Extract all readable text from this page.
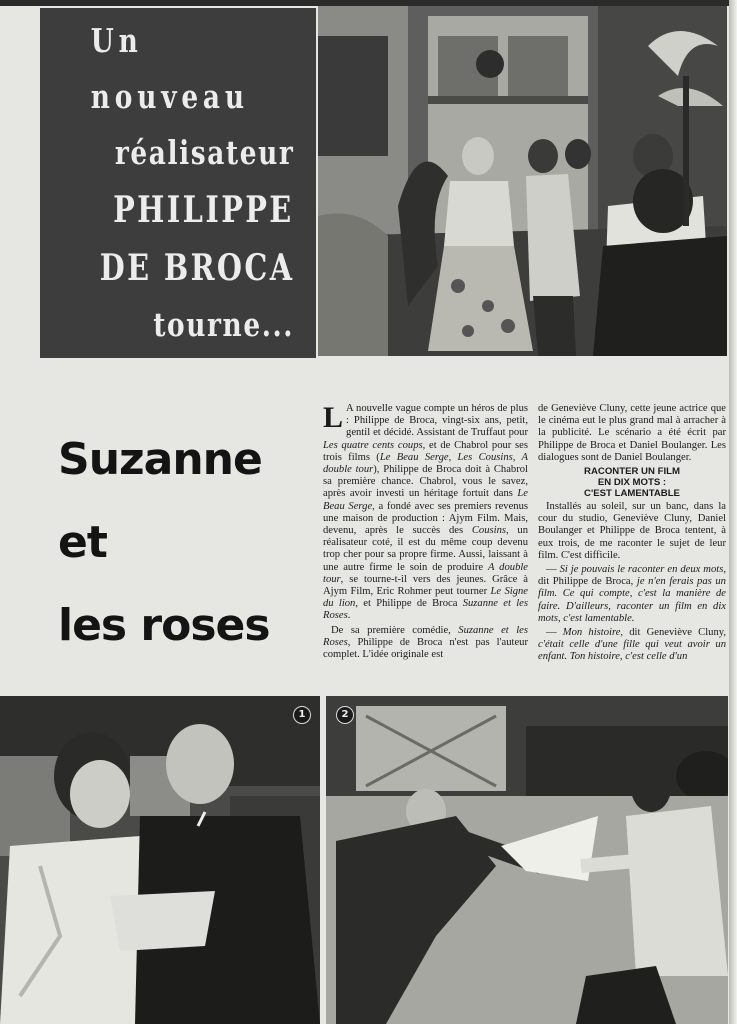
Un nouveau
réalisateur
PHILIPPE
DE BROCA
tourne...
Suzanne
et
les roses

L A nouvelle vague compte un héros de plus : Philippe de Broca, vingt-six ans, petit, gentil et décidé. Assistant de Truffaut pour Les quatre cents coups, et de Chabrol pour ses trois films (Le Beau Serge, Les Cousins, A double tour), Philippe de Broca doit à Chabrol sa première chance. Chabrol, vous le savez, après avoir investi un héritage fortuit dans Le Beau Serge, a fondé avec ses premiers revenus une maison de production : Ajym Film. Mais, devenu, après le succès des Cousins, un réalisateur coté, il est du même coup devenu trop cher pour sa propre firme. Aussi, laissant à une autre firme le soin de produire A double tour, se tourne-t-il vers des jeunes. Grâce à Ajym Film, Eric Rohmer peut tourner Le Signe du lion, et Philippe de Broca Suzanne et les Roses.

De sa première comédie, Suzanne et les Roses, Philippe de Broca n'est pas l'auteur complet. L'idée originale est

de Geneviève Cluny, cette jeune actrice que le cinéma eut le plus grand mal à arracher à la publicité. Le scénario a été écrit par Philippe de Broca et Daniel Boulanger. Les dialogues sont de Daniel Boulanger.

RACONTER UN FILM
EN DIX MOTS :
C'EST LAMENTABLE

Installés au soleil, sur un banc, dans la cour du studio, Geneviève Cluny, Daniel Boulanger et Philippe de Broca tentent, à eux trois, de me raconter le sujet de leur film. C'est difficile.

— Si je pouvais le raconter en deux mots, dit Philippe de Broca, je n'en ferais pas un film. Ce qui compte, c'est la manière de faire. D'ailleurs, raconter un film en dix mots, c'est lamentable.

— Mon histoire, dit Geneviève Cluny, c'était celle d'une fille qui veut avoir un enfant. Ton histoire, c'est celle d'un

1	2
